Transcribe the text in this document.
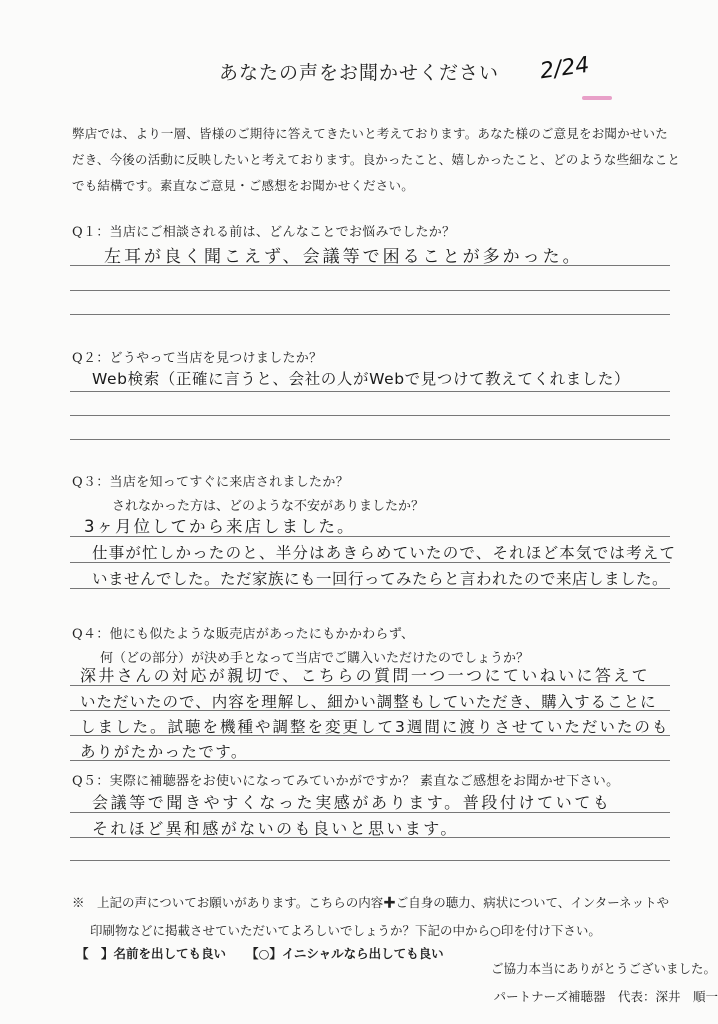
あなたの声をお聞かせください	2/24
弊店では、より一層、皆様のご期待に答えてきたいと考えております。あなた様のご意見をお聞かせいた
だき、今後の活動に反映したいと考えております。良かったこと、嬉しかったこと、どのような些細なこと
でも結構です。素直なご意見・ご感想をお聞かせください。
Q１：当店にご相談される前は、どんなことでお悩みでしたか？
左耳が良く聞こえず、会議等で困ることが多かった。
Q２：どうやって当店を見つけましたか？
Web検索（正確に言うと、会社の人がWebで見つけて教えてくれました）
Q３：当店を知ってすぐに来店されましたか？
されなかった方は、どのような不安がありましたか？
3ヶ月位してから来店しました。
仕事が忙しかったのと、半分はあきらめていたので、それほど本気では考えて
いませんでした。ただ家族にも一回行ってみたらと言われたので来店しました。
Q４：他にも似たような販売店があったにもかかわらず、
何（どの部分）が決め手となって当店でご購入いただけたのでしょうか？
深井さんの対応が親切で、こちらの質問一つ一つにていねいに答えて
いただいたので、内容を理解し、細かい調整もしていただき、購入することに
しました。試聴を機種や調整を変更して3週間に渡りさせていただいたのも
ありがたかったです。
Q５：実際に補聴器をお使いになってみていかがですか？ 素直なご感想をお聞かせ下さい。
会議等で聞きやすくなった実感があります。普段付けていても
それほど異和感がないのも良いと思います。
※　上記の声についてお願いがあります。こちらの内容✚ご自身の聴力、病状について、インターネットや
印刷物などに掲載させていただいてよろしいでしょうか？下記の中から○印を付け下さい。
【　】名前を出しても良い 【○】イニシャルなら出しても良い
ご協力本当にありがとうございました。
パートナーズ補聴器　代表：深井　順一
